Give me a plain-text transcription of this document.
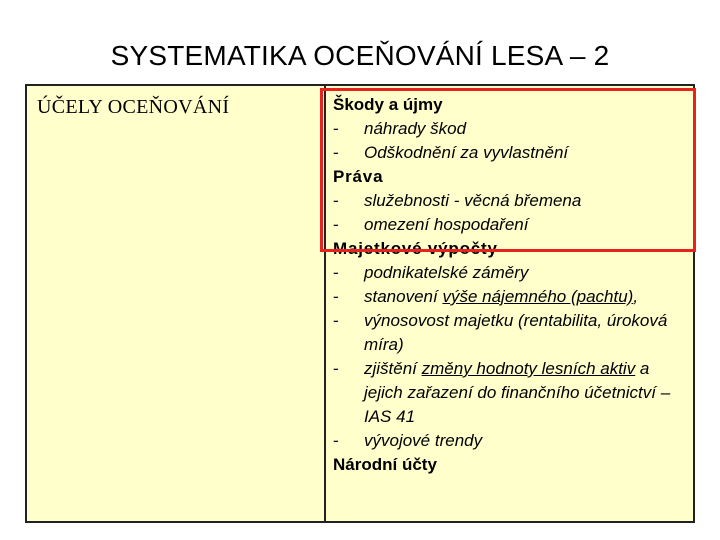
SYSTEMATIKA OCEŇOVÁNÍ LESA – 2
ÚČELY OCEŇOVÁNÍ	Škody a újmy
- náhrady škod
- Odškodnění za vyvlastnění
Práva
- služebnosti - věcná břemena
- omezení hospodaření
Majetkové výpočty
- podnikatelské záměry
- stanovení výše nájemného (pachtu),
- výnosovost majetku (rentabilita, úroková míra)
- zjištění změny hodnoty lesních aktiv a jejich zařazení do finančního účetnictví – IAS 41
- vývojové trendy
Národní účty
